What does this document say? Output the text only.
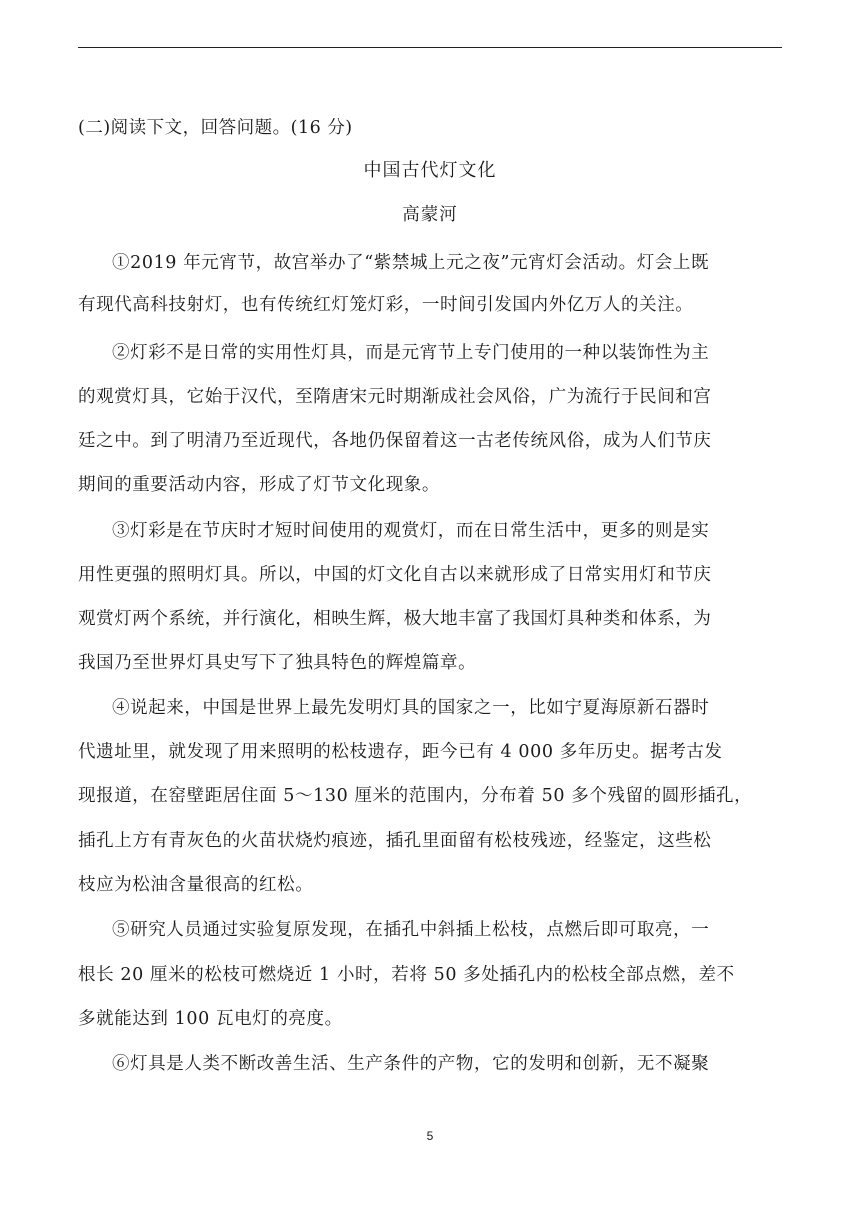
(二)阅读下文，回答问题。(16 分)
中国古代灯文化
高蒙河
①2019 年元宵节，故宫举办了“紫禁城上元之夜”元宵灯会活动。灯会上既
有现代高科技射灯，也有传统红灯笼灯彩，一时间引发国内外亿万人的关注。
②灯彩不是日常的实用性灯具，而是元宵节上专门使用的一种以装饰性为主
的观赏灯具，它始于汉代，至隋唐宋元时期渐成社会风俗，广为流行于民间和宫
廷之中。到了明清乃至近现代，各地仍保留着这一古老传统风俗，成为人们节庆
期间的重要活动内容，形成了灯节文化现象。
③灯彩是在节庆时才短时间使用的观赏灯，而在日常生活中，更多的则是实
用性更强的照明灯具。所以，中国的灯文化自古以来就形成了日常实用灯和节庆
观赏灯两个系统，并行演化，相映生辉，极大地丰富了我国灯具种类和体系，为
我国乃至世界灯具史写下了独具特色的辉煌篇章。
④说起来，中国是世界上最先发明灯具的国家之一，比如宁夏海原新石器时
代遗址里，就发现了用来照明的松枝遗存，距今已有 4 000 多年历史。据考古发
现报道，在窑壁距居住面 5～130 厘米的范围内，分布着 50 多个残留的圆形插孔，
插孔上方有青灰色的火苗状烧灼痕迹，插孔里面留有松枝残迹，经鉴定，这些松
枝应为松油含量很高的红松。
⑤研究人员通过实验复原发现，在插孔中斜插上松枝，点燃后即可取亮，一
根长 20 厘米的松枝可燃烧近 1 小时，若将 50 多处插孔内的松枝全部点燃，差不
多就能达到 100 瓦电灯的亮度。
⑥灯具是人类不断改善生活、生产条件的产物，它的发明和创新，无不凝聚
5
